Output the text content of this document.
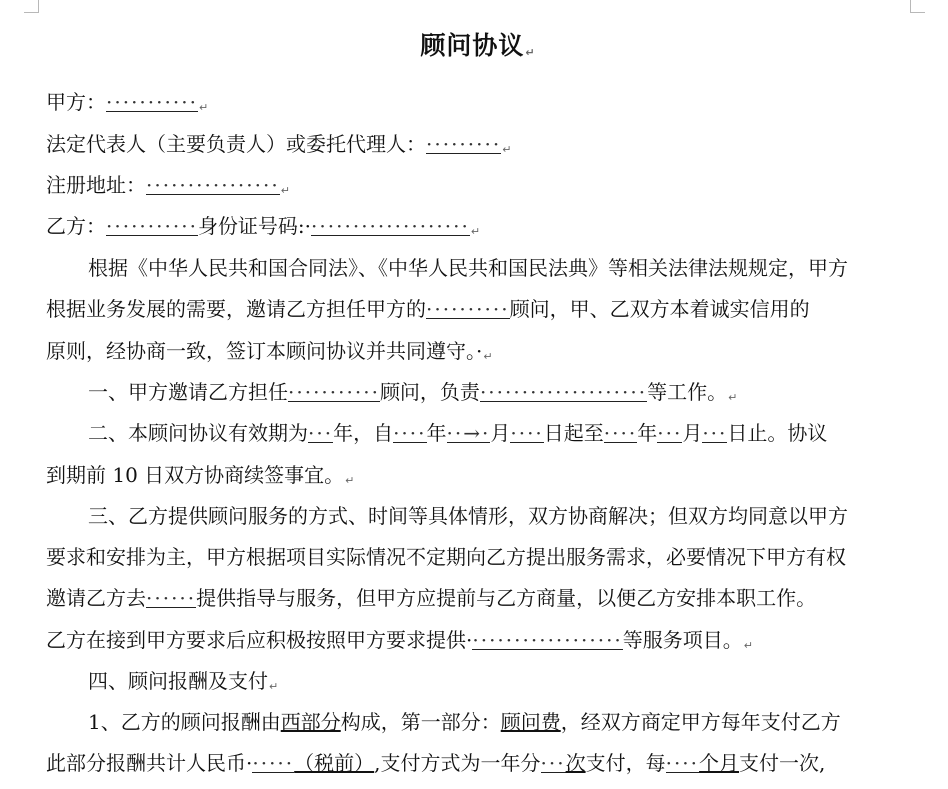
顾问协议↵
甲方：···········↵
法定代表人（主要负责人）或委托代理人：·········↵
注册地址：················↵
乙方：···········身份证号码:····················↵
根据《中华人民共和国合同法》、《中华人民共和国民法典》等相关法律法规规定，甲方
根据业务发展的需要，邀请乙方担任甲方的··········顾问，甲、乙双方本着诚实信用的
原则，经协商一致，签订本顾问协议并共同遵守。·↵
一、甲方邀请乙方担任···········顾问，负责····················等工作。↵
二、本顾问协议有效期为···年，自····年··→·月····日起至····年···月···日止。协议
到期前 10 日双方协商续签事宜。↵
三、乙方提供顾问服务的方式、时间等具体情形，双方协商解决；但双方均同意以甲方
要求和安排为主，甲方根据项目实际情况不定期向乙方提出服务需求，必要情况下甲方有权
邀请乙方去······提供指导与服务，但甲方应提前与乙方商量，以便乙方安排本职工作。
乙方在接到甲方要求后应积极按照甲方要求提供···················等服务项目。↵
四、顾问报酬及支付↵
1、乙方的顾问报酬由西部分构成，第一部分：顾问费，经双方商定甲方每年支付乙方
此部分报酬共计人民币······（税前）,支付方式为一年分···次支付，每····个月支付一次,
